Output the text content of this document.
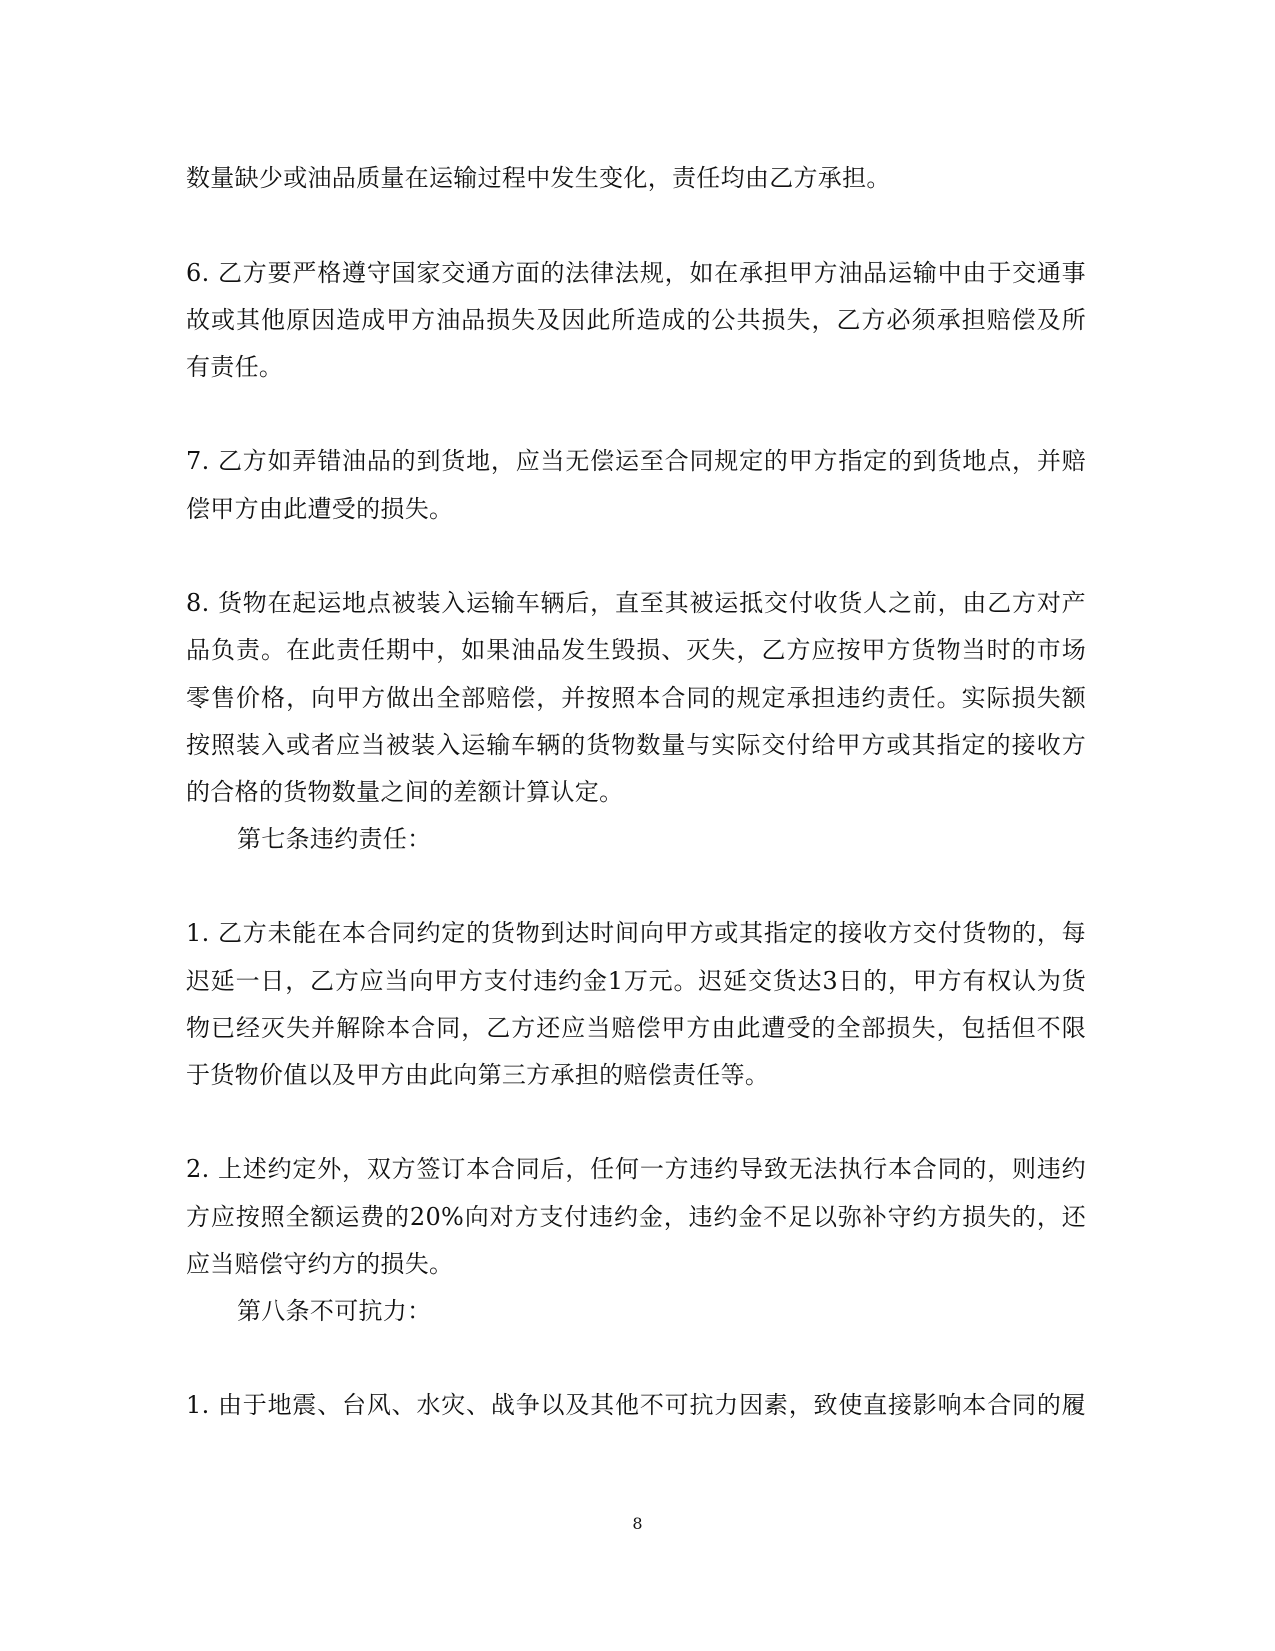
数量缺少或油品质量在运输过程中发生变化，责任均由乙方承担。
6. 乙方要严格遵守国家交通方面的法律法规，如在承担甲方油品运输中由于交通事
故或其他原因造成甲方油品损失及因此所造成的公共损失，乙方必须承担赔偿及所
有责任。
7. 乙方如弄错油品的到货地，应当无偿运至合同规定的甲方指定的到货地点，并赔
偿甲方由此遭受的损失。
8. 货物在起运地点被装入运输车辆后，直至其被运抵交付收货人之前，由乙方对产
品负责。在此责任期中，如果油品发生毁损、灭失，乙方应按甲方货物当时的市场
零售价格，向甲方做出全部赔偿，并按照本合同的规定承担违约责任。实际损失额
按照装入或者应当被装入运输车辆的货物数量与实际交付给甲方或其指定的接收方
的合格的货物数量之间的差额计算认定。
第七条违约责任：
1. 乙方未能在本合同约定的货物到达时间向甲方或其指定的接收方交付货物的，每
迟延一日，乙方应当向甲方支付违约金1万元。迟延交货达3日的，甲方有权认为货
物已经灭失并解除本合同，乙方还应当赔偿甲方由此遭受的全部损失，包括但不限
于货物价值以及甲方由此向第三方承担的赔偿责任等。
2. 上述约定外，双方签订本合同后，任何一方违约导致无法执行本合同的，则违约
方应按照全额运费的20%向对方支付违约金，违约金不足以弥补守约方损失的，还
应当赔偿守约方的损失。
第八条不可抗力：
1. 由于地震、台风、水灾、战争以及其他不可抗力因素，致使直接影响本合同的履
8
